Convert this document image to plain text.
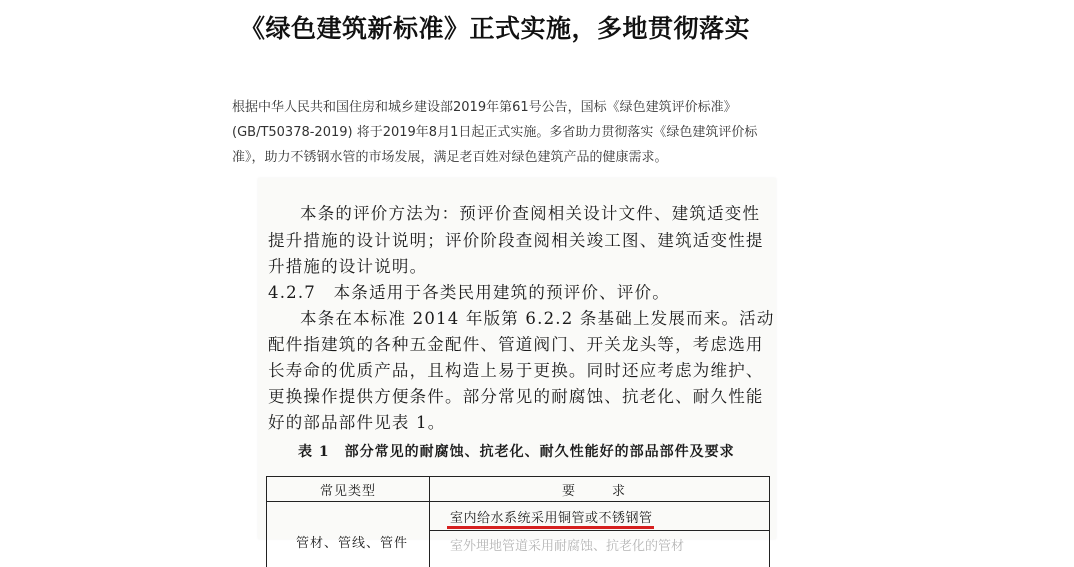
《绿色建筑新标准》正式实施，多地贯彻落实

根据中华人民共和国住房和城乡建设部2019年第61号公告，国标《绿色建筑评价标准》

(GB/T50378-2019) 将于2019年8月1日起正式实施。多省助力贯彻落实《绿色建筑评价标

准》，助力不锈钢水管的市场发展，满足老百姓对绿色建筑产品的健康需求。

本条的评价方法为：预评价查阅相关设计文件、建筑适变性
提升措施的设计说明；评价阶段查阅相关竣工图、建筑适变性提
升措施的设计说明。
4.2.7　本条适用于各类民用建筑的预评价、评价。
本条在本标准 2014 年版第 6.2.2 条基础上发展而来。活动
配件指建筑的各种五金配件、管道阀门、开关龙头等，考虑选用
长寿命的优质产品，且构造上易于更换。同时还应考虑为维护、
更换操作提供方便条件。部分常见的耐腐蚀、抗老化、耐久性能
好的部品部件见表 1。
表 1　部分常见的耐腐蚀、抗老化、耐久性能好的部品部件及要求
常见类型	要　求
室内给水系统采用铜管或不锈钢管
管材、管线、管件	室外埋地管道采用耐腐蚀、抗老化的管材
